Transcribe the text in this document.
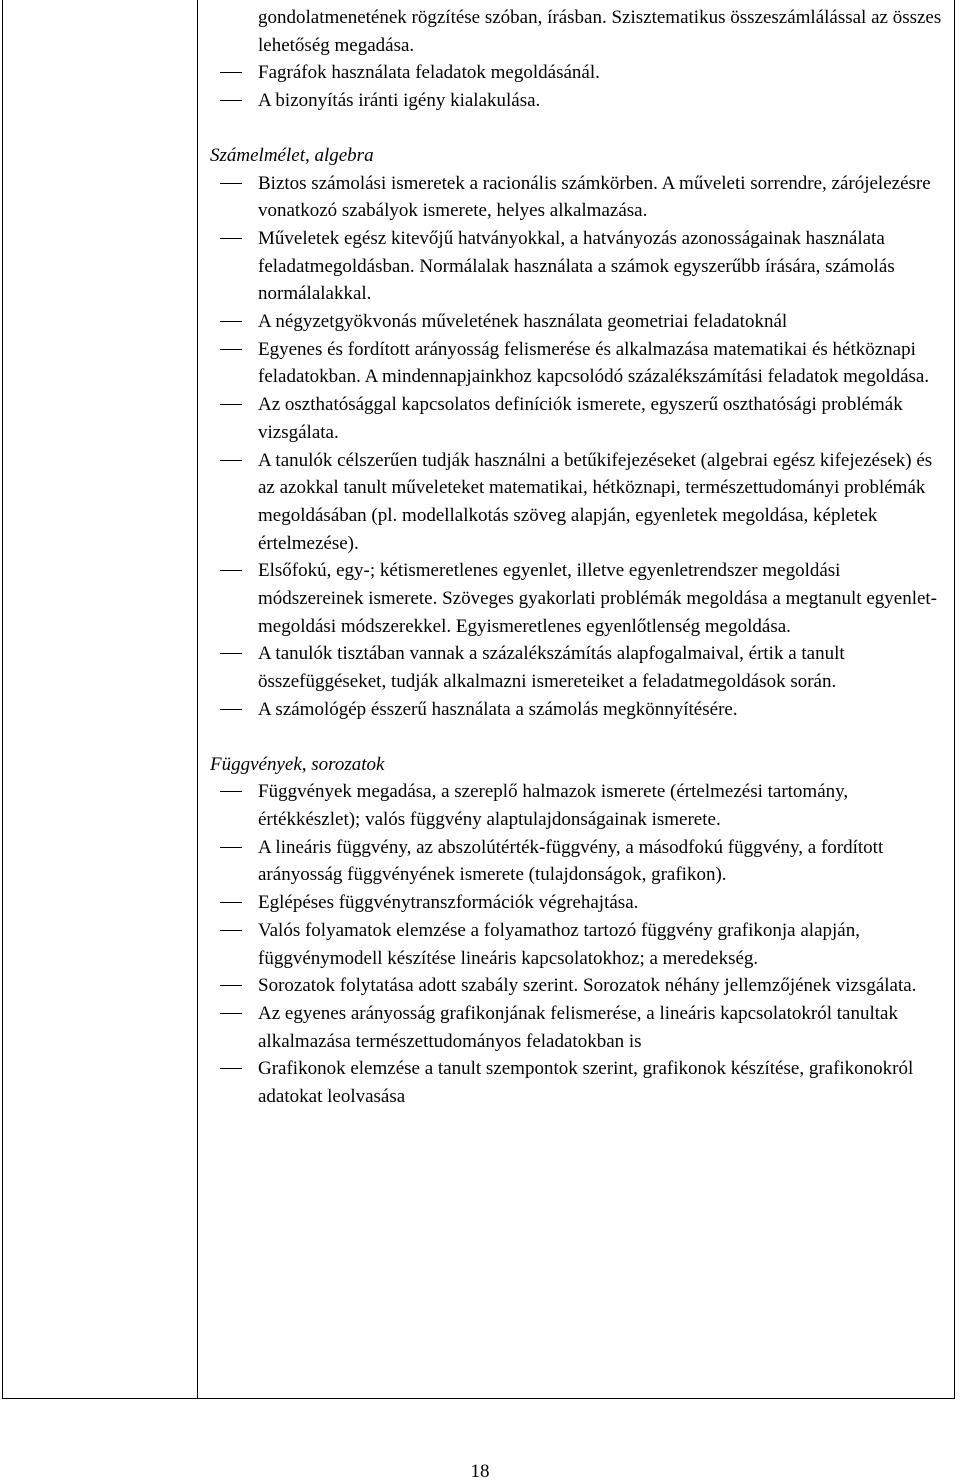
gondolatmenetének rögzítése szóban, írásban. Szisztematikus összeszámlálással az összes lehetőség megadása.
Fagráfok használata feladatok megoldásánál.
A bizonyítás iránti igény kialakulása.
Számelmélet, algebra
Biztos számolási ismeretek a racionális számkörben. A műveleti sorrendre, zárójelezésre vonatkozó szabályok ismerete, helyes alkalmazása.
Műveletek egész kitevőjű hatványokkal, a hatványozás azonosságainak használata feladatmegoldásban. Normálalak használata a számok egyszerűbb írására, számolás normálalakkal.
A négyzetgyökvonás műveletének használata geometriai feladatoknál
Egyenes és fordított arányosság felismerése és alkalmazása matematikai és hétköznapi feladatokban. A mindennapjainkhoz kapcsolódó százalékszámítási feladatok megoldása.
Az oszthatósággal kapcsolatos definíciók ismerete, egyszerű oszthatósági problémák vizsgálata.
A tanulók célszerűen tudják használni a betűkifejezéseket (algebrai egész kifejezések) és az azokkal tanult műveleteket matematikai, hétköznapi, természettudományi problémák megoldásában (pl. modellalkotás szöveg alapján, egyenletek megoldása, képletek értelmezése).
Elsőfokú, egy-; kétismeretlenes egyenlet, illetve egyenletrendszer megoldási módszereinek ismerete. Szöveges gyakorlati problémák megoldása a megtanult egyenlet-megoldási módszerekkel. Egyismeretlenes egyenlőtlenség megoldása.
A tanulók tisztában vannak a százalékszámítás alapfogalmaival, értik a tanult összefüggéseket, tudják alkalmazni ismereteiket a feladatmegoldások során.
A számológép ésszerű használata a számolás megkönnyítésére.
Függvények, sorozatok
Függvények megadása, a szereplő halmazok ismerete (értelmezési tartomány, értékkészlet); valós függvény alaptulajdonságainak ismerete.
A lineáris függvény, az abszolútérték-függvény, a másodfokú függvény, a fordított arányosság függvényének ismerete (tulajdonságok, grafikon).
Eglépéses függvénytranszformációk végrehajtása.
Valós folyamatok elemzése a folyamathoz tartozó függvény grafikonja alapján, függvénymodell készítése lineáris kapcsolatokhoz; a meredekség.
Sorozatok folytatása adott szabály szerint. Sorozatok néhány jellemzőjének vizsgálata.
Az egyenes arányosság grafikonjának felismerése, a lineáris kapcsolatokról tanultak alkalmazása természettudományos feladatokban is
Grafikonok elemzése a tanult szempontok szerint, grafikonok készítése, grafikonokról adatokat leolvasása
18
